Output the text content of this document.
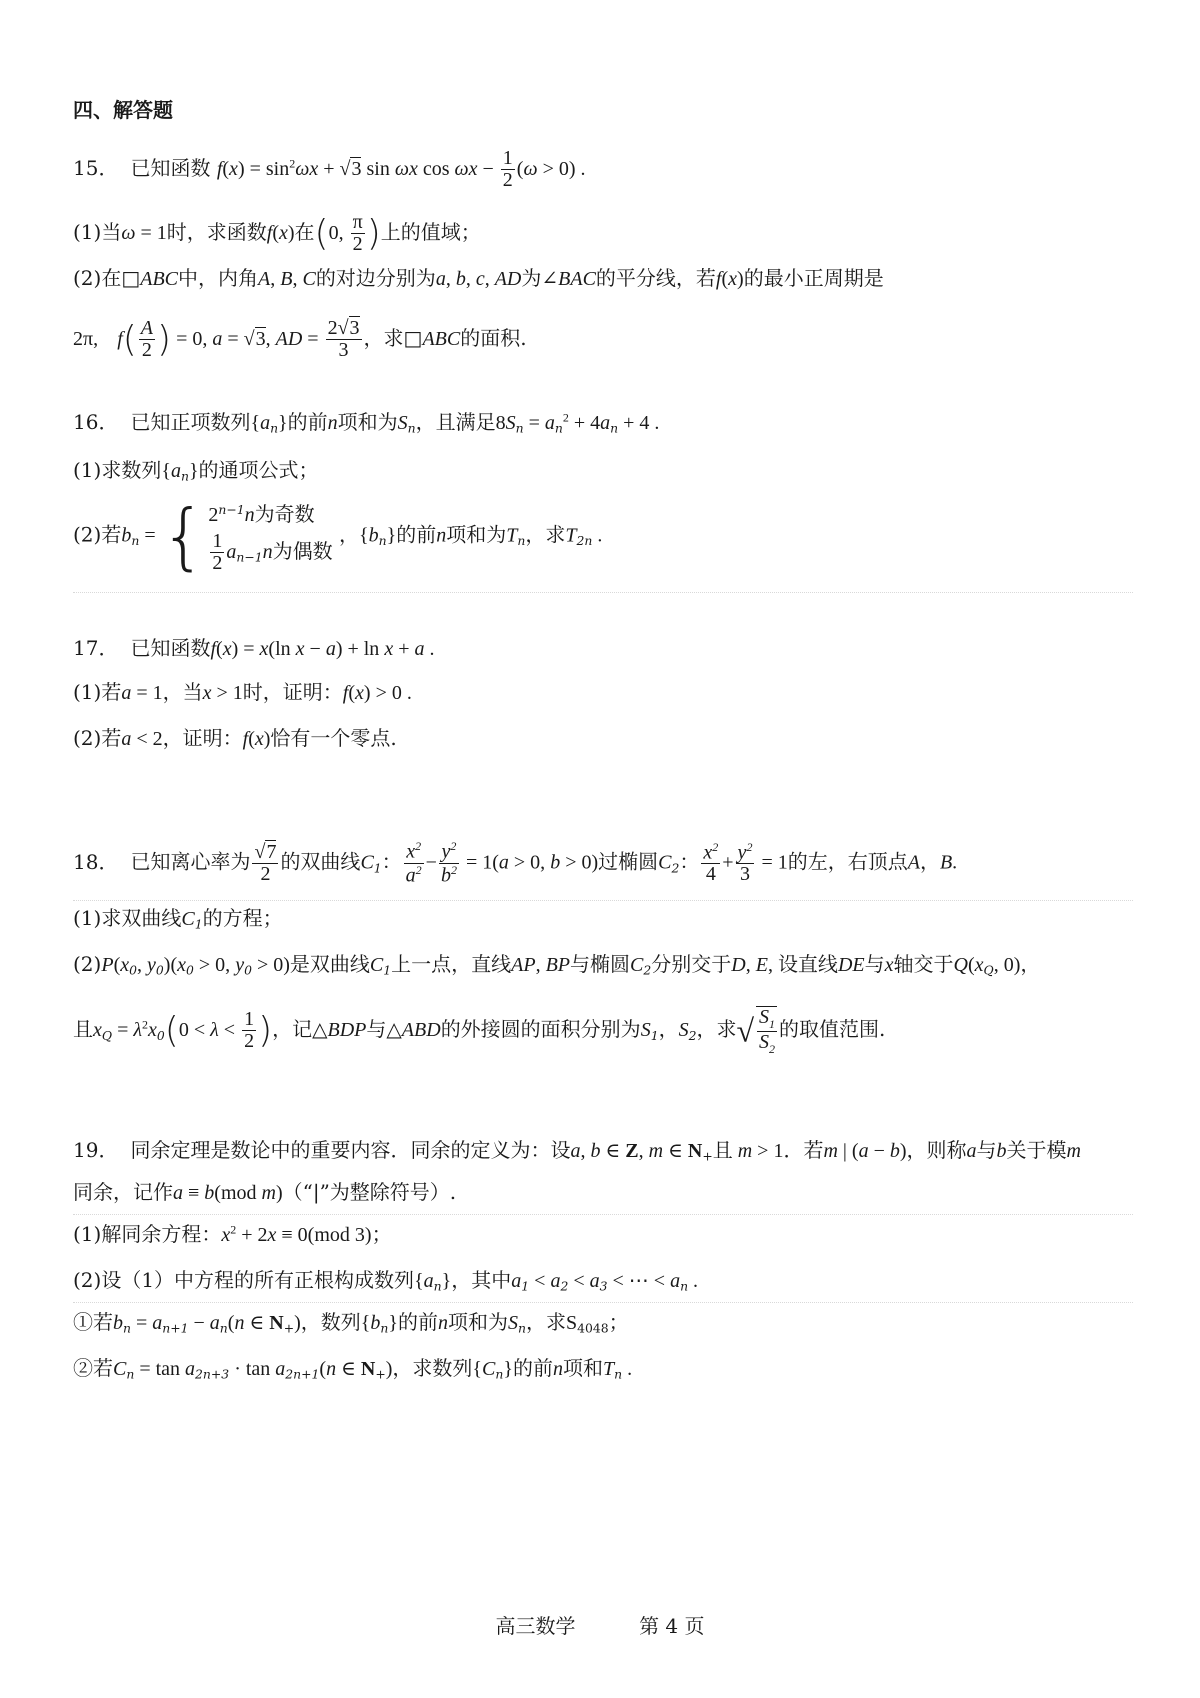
四、解答题
15． 已知函数 $f(x) = \sin^2\omega x + √3$ sin ωx $\cos \omega x - \frac{1}{2} (\omega > 0)$ .
(1)当ω = 1时，求函数f(x)在(0, $\frac{\pi}{2}$ )上的值域；
(2)在□ABC中，内角A, B, C的对边分别为a, b, c, AD为∠BAC的平分线，若f(x)的最小正周期是
2π, $f( \frac{A}{2}$ ) = 0, a = √3, AD = $\frac{2√3}{3}$ ，求□ABC的面积.
16． 已知正项数列$\{a_n\}$的前n项和为$S_n$，且满足$8S_n = a_n^2 + 4a_n + 4$ .
(1)求数列$\{a_n\}$的通项公式；
(2)若$b_n$ = { $2^{n-1}n$为奇数
$\frac{1}{2} a_{n-1}n$为偶数
，$\{b_n\}$的前n项和为$T_n$，求$T_{2n}$ .
17． 已知函数f(x) = x(ln x − a) + ln x + a .
(1)若a = 1，当x > 1时，证明：f(x) > 0 .
(2)若a < 2，证明：f(x)恰有一个零点.
18． 已知离心率为 $\frac{√7}{2}$ 的双曲线$C_1$： $\frac{x^2}{a^2} - \frac{y^2}{b^2} = 1(a > 0$, b > 0)过椭圆$C_2$： $\frac{x^2}{4} + \frac{y^2}{3} = 1$的左，右顶点A，B.
(1)求双曲线$C_1$的方程；
$(2)P(x_0$, $y_0)(x_0 > 0$, $y_0 > 0$)是双曲线$C_1$上一点，直线AP, BP与椭圆$C_2$分别交于D, E, 设直线DE与x轴交于$Q(x_Q$, 0)，
且$x_Q = \lambda^2x_0(0 < \lambda < \frac{1}{2}$ )，记△BDP与△ABD的外接圆的面积分别为$S_1$，$S_2$，求√ $\frac{S_1}{S_2}$ 的取值范围.
19． 同余定理是数论中的重要内容．同余的定义为：设a, b ∈ Z, m ∈ $N_+$且 m > 1．若m | (a − b)，则称a与b关于模m
同余，记作a ≡ b(mod m)（“|”为整除符号）.
(1)解同余方程：$x^2 + 2x \equiv 0(mod$ 3)；
(2)设（1）中方程的所有正根构成数列$\{a_n\}$，其中$a_1 < a_2 < a_3$ < ⋯ < $a_n$ .
①若$b_n = a_{n+1} - a_n(n$ ∈ $N_+$)，数列$\{b_n\}$的前n项和为$S_n$，求$S_{4048}$；
②若$C_n = \tan a_{2n+3} \cdot \tan a_{2n+1}(n$ ∈ $N_+$)，求数列$\{C_n\}$的前n项和$T_n$ .
高三数学	第 4 页
